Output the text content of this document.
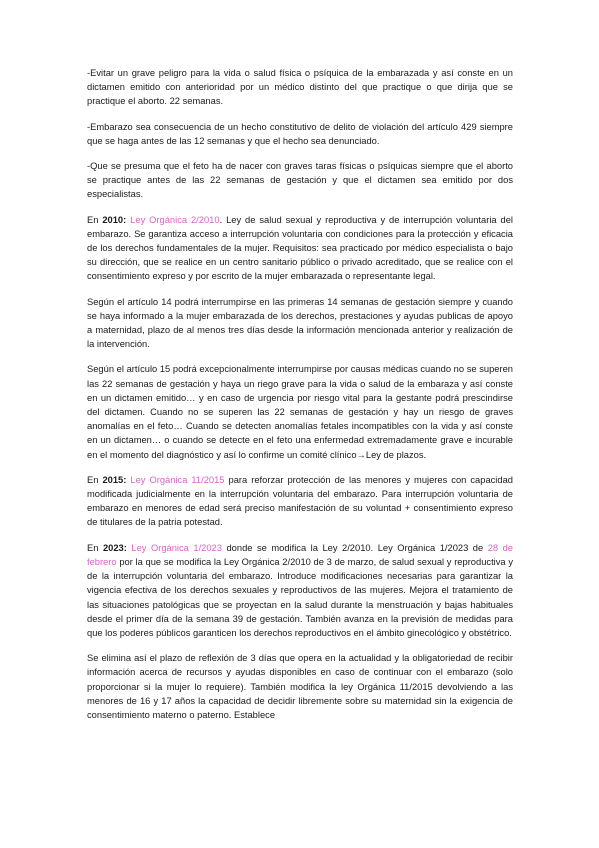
-Evitar un grave peligro para la vida o salud física o psíquica de la embarazada y así conste en un dictamen emitido con anterioridad por un médico distinto del que practique o que dirija que se practique el aborto. 22 semanas.

-Embarazo sea consecuencia de un hecho constitutivo de delito de violación del artículo 429 siempre que se haga antes de las 12 semanas y que el hecho sea denunciado.

-Que se presuma que el feto ha de nacer con graves taras físicas o psíquicas siempre que el aborto se practique antes de las 22 semanas de gestación y que el dictamen sea emitido por dos especialistas.

En 2010: Ley Orgánica 2/2010. Ley de salud sexual y reproductiva y de interrupción voluntaria del embarazo. Se garantiza acceso a interrupción voluntaria con condiciones para la protección y eficacia de los derechos fundamentales de la mujer. Requisitos: sea practicado por médico especialista o bajo su dirección, que se realice en un centro sanitario público o privado acreditado, que se realice con el consentimiento expreso y por escrito de la mujer embarazada o representante legal.

Según el artículo 14 podrá interrumpirse en las primeras 14 semanas de gestación siempre y cuando se haya informado a la mujer embarazada de los derechos, prestaciones y ayudas publicas de apoyo a maternidad, plazo de al menos tres días desde la información mencionada anterior y realización de la intervención.

Según el artículo 15 podrá excepcionalmente interrumpirse por causas médicas cuando no se superen las 22 semanas de gestación y haya un riego grave para la vida o salud de la embaraza y así conste en un dictamen emitido… y en caso de urgencia por riesgo vital para la gestante podrá prescindirse del dictamen. Cuando no se superen las 22 semanas de gestación y hay un riesgo de graves anomalías en el feto… Cuando se detecten anomalías fetales incompatibles con la vida y así conste en un dictamen… o cuando se detecte en el feto una enfermedad extremadamente grave e incurable en el momento del diagnóstico y así lo confirme un comité clínico→Ley de plazos.

En 2015: Ley Orgánica 11/2015 para reforzar protección de las menores y mujeres con capacidad modificada judicialmente en la interrupción voluntaria del embarazo. Para interrupción voluntaria de embarazo en menores de edad será preciso manifestación de su voluntad + consentimiento expreso de titulares de la patria potestad.

En 2023: Ley Orgánica 1/2023 donde se modifica la Ley 2/2010. Ley Orgánica 1/2023 de 28 de febrero por la que se modifica la Ley Orgánica 2/2010 de 3 de marzo, de salud sexual y reproductiva y de la interrupción voluntaria del embarazo. Introduce modificaciones necesarias para garantizar la vigencia efectiva de los derechos sexuales y reproductivos de las mujeres. Mejora el tratamiento de las situaciones patológicas que se proyectan en la salud durante la menstruación y bajas habituales desde el primer día de la semana 39 de gestación. También avanza en la previsión de medidas para que los poderes públicos garanticen los derechos reproductivos en el ámbito ginecológico y obstétrico.

Se elimina así el plazo de reflexión de 3 días que opera en la actualidad y la obligatoriedad de recibir información acerca de recursos y ayudas disponibles en caso de continuar con el embarazo (solo proporcionar si la mujer lo requiere). También modifica la ley Orgánica 11/2015 devolviendo a las menores de 16 y 17 años la capacidad de decidir libremente sobre su maternidad sin la exigencia de consentimiento materno o paterno. Establece
